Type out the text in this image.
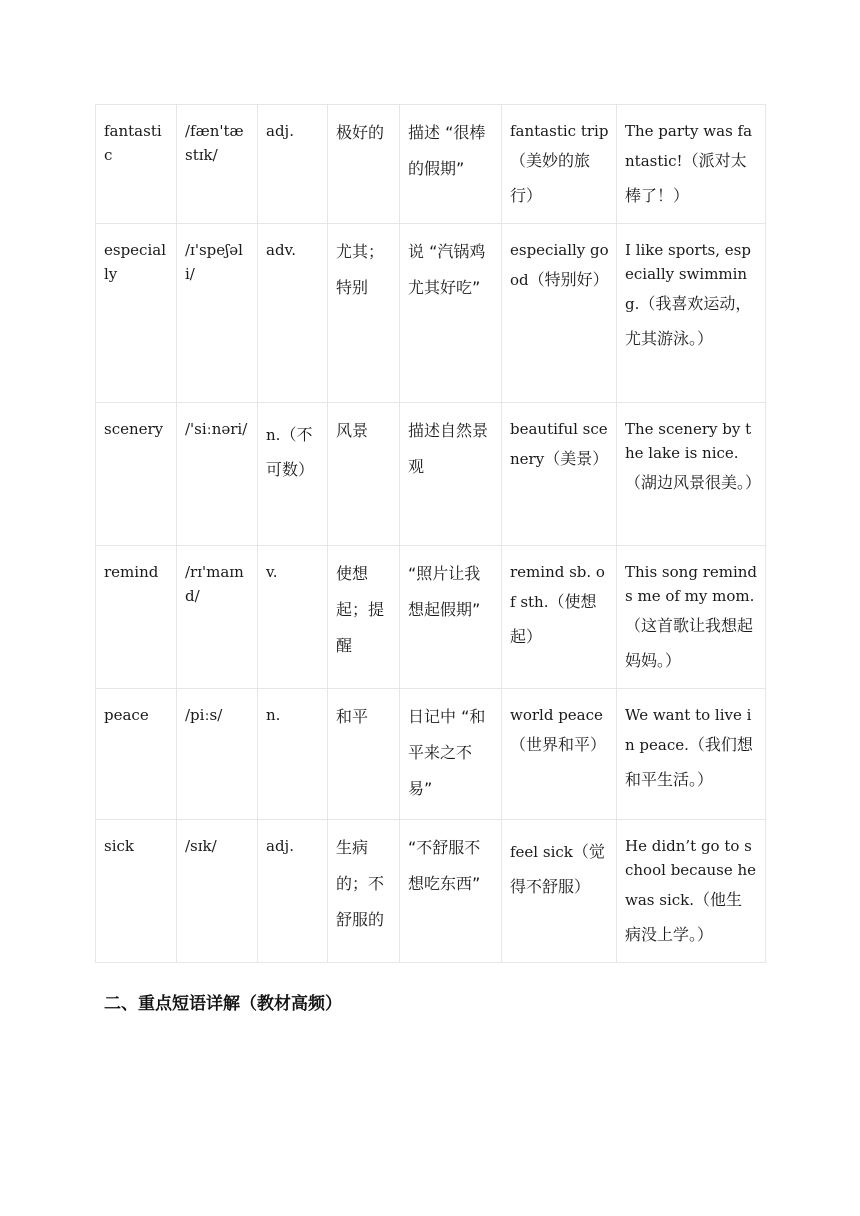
fantastic	/fæn'tæstɪk/	adj.	极好的	描述 “很棒的假期”	fantastic trip（美妙的旅行）	The party was fantastic!（派对太棒了！）
especially	/ɪ'speʃəli/	adv.	尤其；特别	说 “汽锅鸡尤其好吃”	especially good（特别好）	I like sports, especially swimming.（我喜欢运动，尤其游泳。）
scenery	/'siːnəri/	n.（不可数）	风景	描述自然景观	beautiful scenery（美景）	The scenery by the lake is nice.（湖边风景很美。）
remind	/rɪ'maɪnd/	v.	使想起；提醒	“照片让我想起假期”	remind sb. of sth.（使想起）	This song reminds me of my mom.（这首歌让我想起妈妈。）
peace	/piːs/	n.	和平	日记中 “和平来之不易”	world peace（世界和平）	We want to live in peace.（我们想和平生活。）
sick	/sɪk/	adj.	生病的；不舒服的	“不舒服不想吃东西”	feel sick（觉得不舒服）	He didn’t go to school because he was sick.（他生病没上学。）
二、重点短语详解（教材高频）
